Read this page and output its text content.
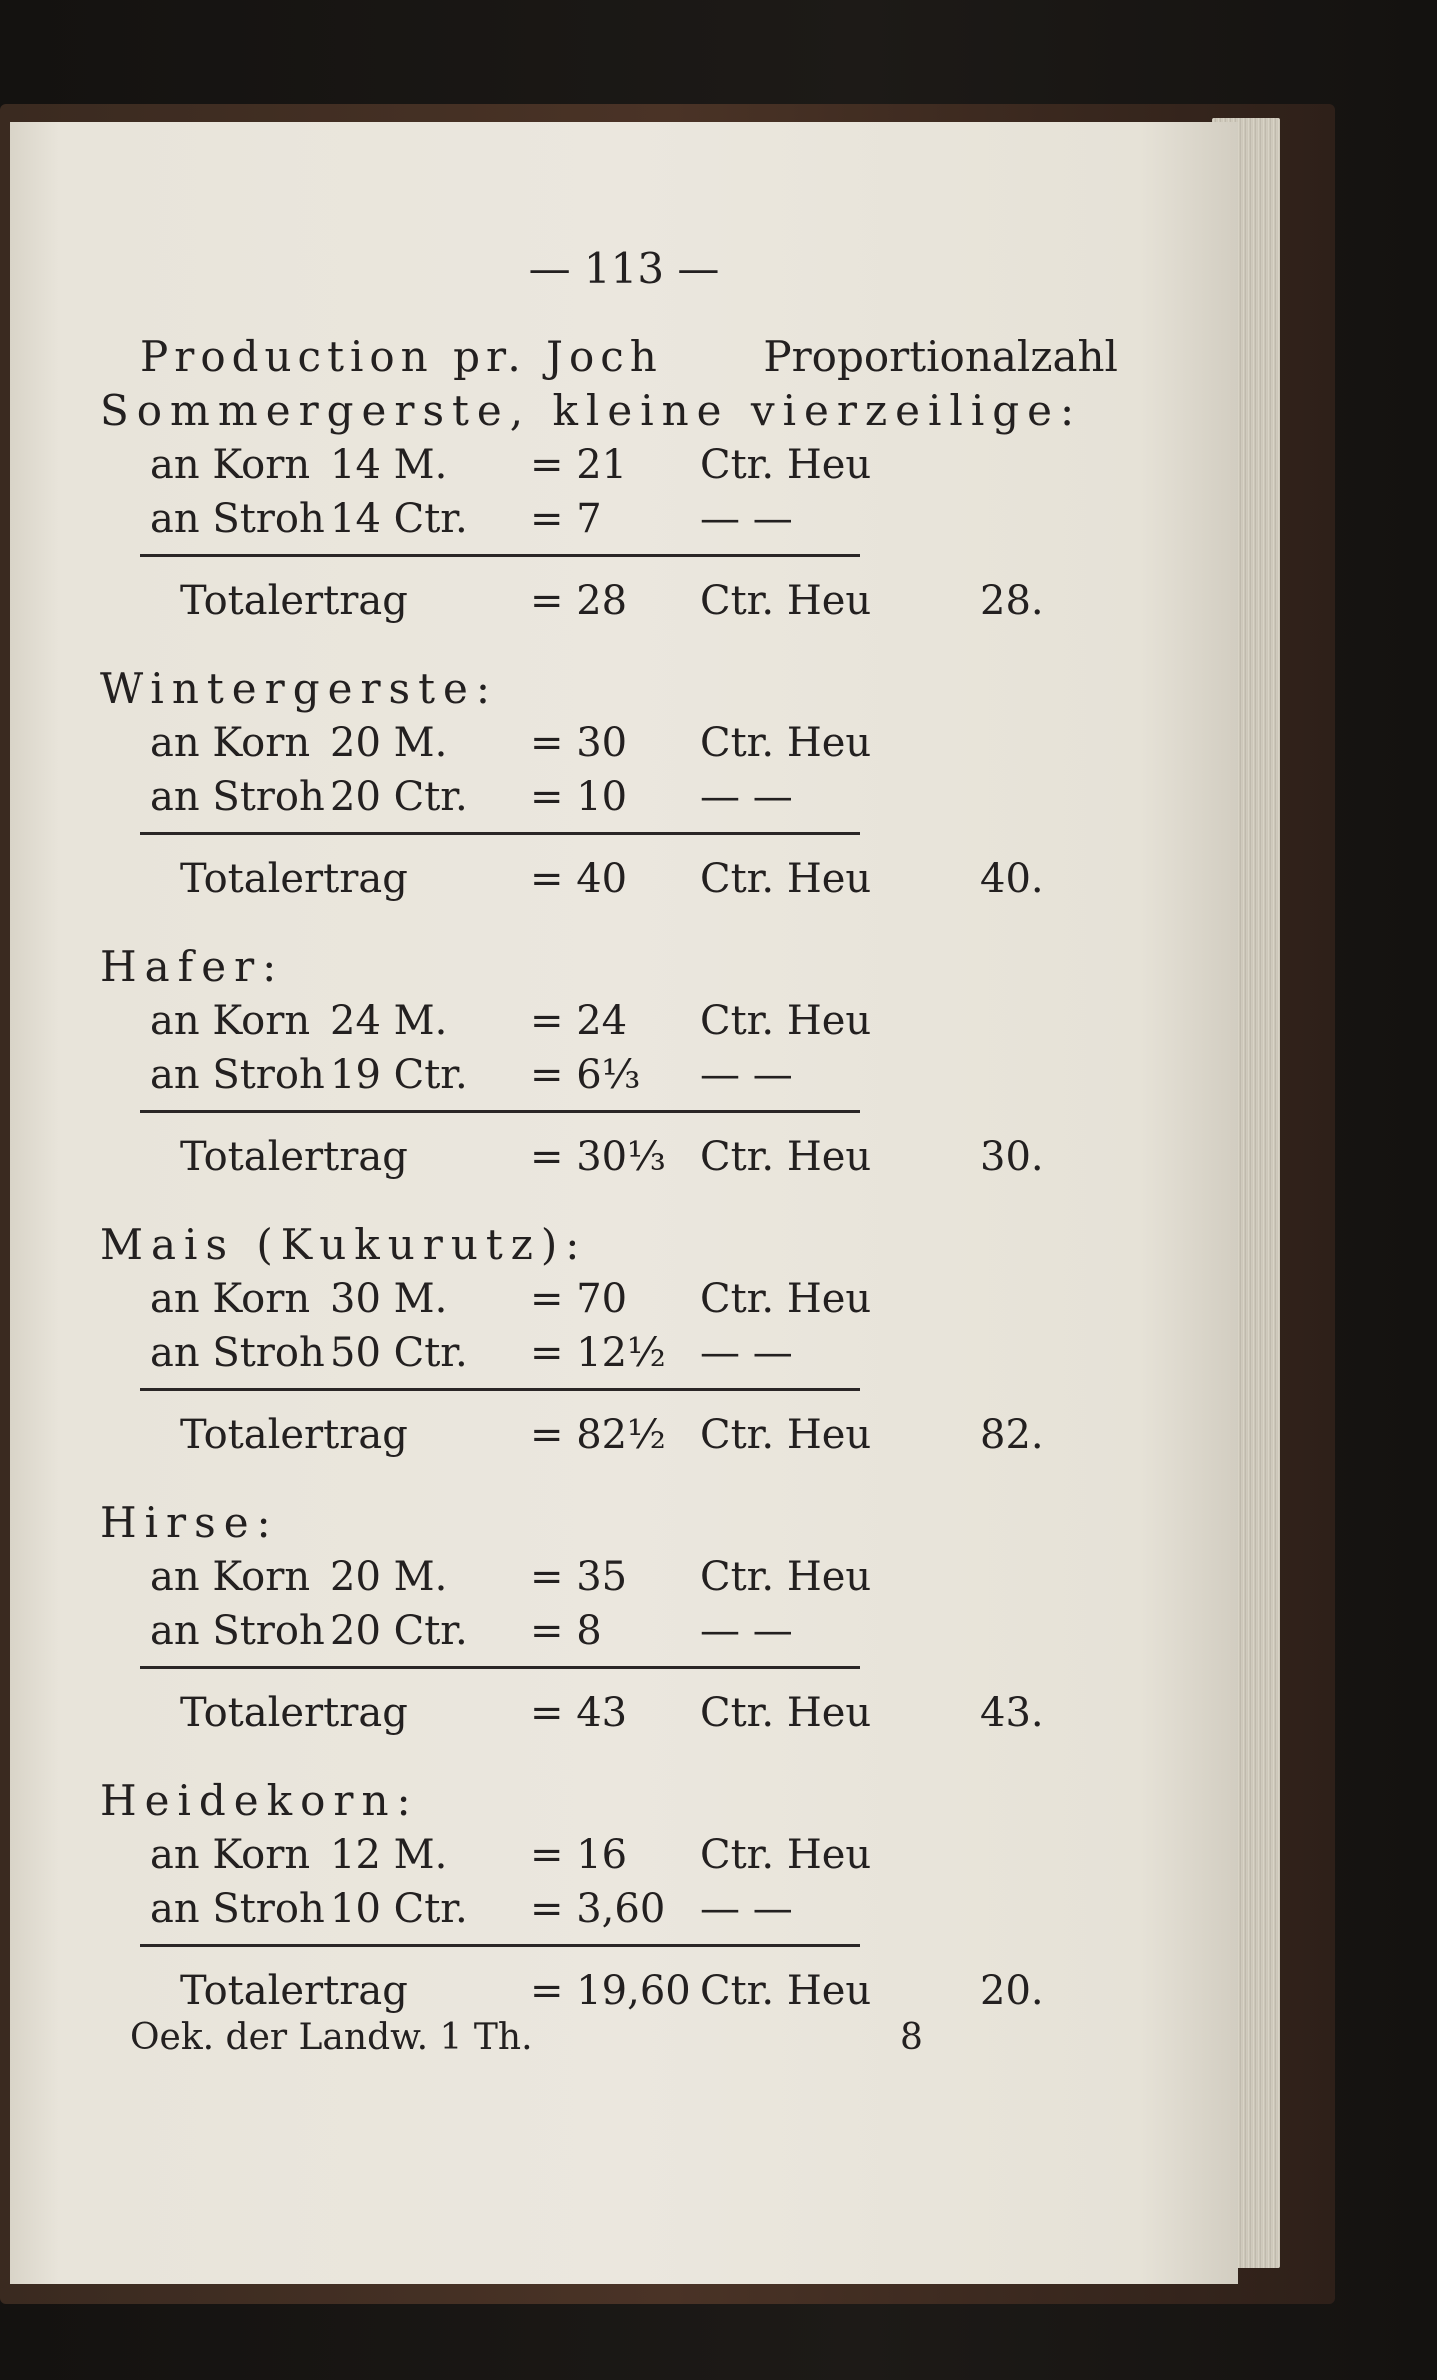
— 113 —
Production pr. Joch Proportionalzahl
Sommergerste, kleine vierzeilige:
an Korn 14 M. = 21 Ctr. Heu
an Stroh 14 Ctr. = 7 — —
Totalertrag	= 28 Ctr. Heu	28.
Wintergerste:
an Korn 20 M. = 30 Ctr. Heu
an Stroh 20 Ctr. = 10 — —
Totalertrag	= 40 Ctr. Heu	40.
Hafer:
an Korn 24 M. = 24 Ctr. Heu
an Stroh 19 Ctr. = 6⅓ — —
Totalertrag	= 30⅓ Ctr. Heu	30.
Mais (Kukurutz):
an Korn 30 M. = 70 Ctr. Heu
an Stroh 50 Ctr. = 12½ — —
Totalertrag	= 82½ Ctr. Heu	82.
Hirse:
an Korn 20 M. = 35 Ctr. Heu
an Stroh 20 Ctr. = 8 — —
Totalertrag	= 43 Ctr. Heu	43.
Heidekorn:
an Korn 12 M. = 16 Ctr. Heu
an Stroh 10 Ctr. = 3,60 — —
Totalertrag	= 19,60 Ctr. Heu	20.
Oek. der Landw. 1 Th.	8
